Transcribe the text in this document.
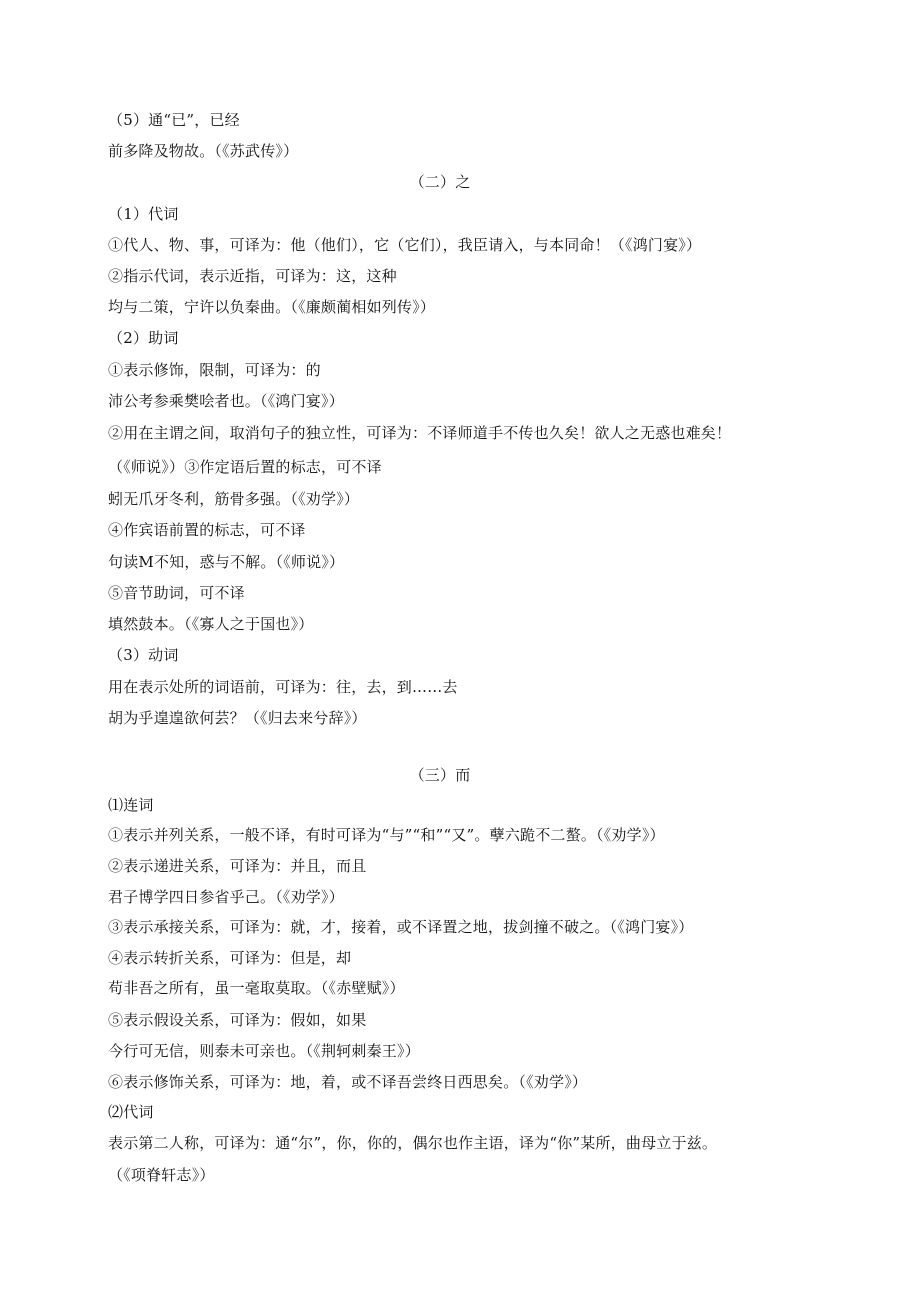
（5）通“已”，已经
前多降及物故。（《苏武传》）
（二）之
（1）代词
①代人、物、事，可译为：他（他们），它（它们），我臣请入，与本同命！（《鸿门宴》）
②指示代词，表示近指，可译为：这，这种
均与二策，宁许以负秦曲。（《廉颇蔺相如列传》）
（2）助词
①表示修饰，限制，可译为：的
沛公考参乘樊哙者也。（《鸿门宴》）
②用在主谓之间，取消句子的独立性，可译为：不译师道手不传也久矣！欲人之无惑也难矣！
（《师说》）③作定语后置的标志，可不译
蚓无爪牙冬利，筋骨多强。（《劝学》）
④作宾语前置的标志，可不译
句读M不知，惑与不解。（《师说》）
⑤音节助词，可不译
填然鼓本。（《寡人之于国也》）
（3）动词
用在表示处所的词语前，可译为：往，去，到……去
胡为乎遑遑欲何芸？（《归去来兮辞》）
（三）而
⑴连词
①表示并列关系，一般不译，有时可译为“与”“和”“又”。孽六跪不二螯。（《劝学》）
②表示递进关系，可译为：并且，而且
君子博学四日参省乎己。（《劝学》）
③表示承接关系，可译为：就，才，接着，或不译置之地，拔剑撞不破之。（《鸿门宴》）
④表示转折关系，可译为：但是，却
苟非吾之所有，虽一毫取莫取。（《赤壁赋》）
⑤表示假设关系，可译为：假如，如果
今行可无信，则泰未可亲也。（《荆轲刺秦王》）
⑥表示修饰关系，可译为：地，着，或不译吾尝终日西思矣。（《劝学》）
⑵代词
表示第二人称，可译为：通“尔”，你，你的，偶尔也作主语，译为“你”某所，曲母立于兹。
（《项脊轩志》）
